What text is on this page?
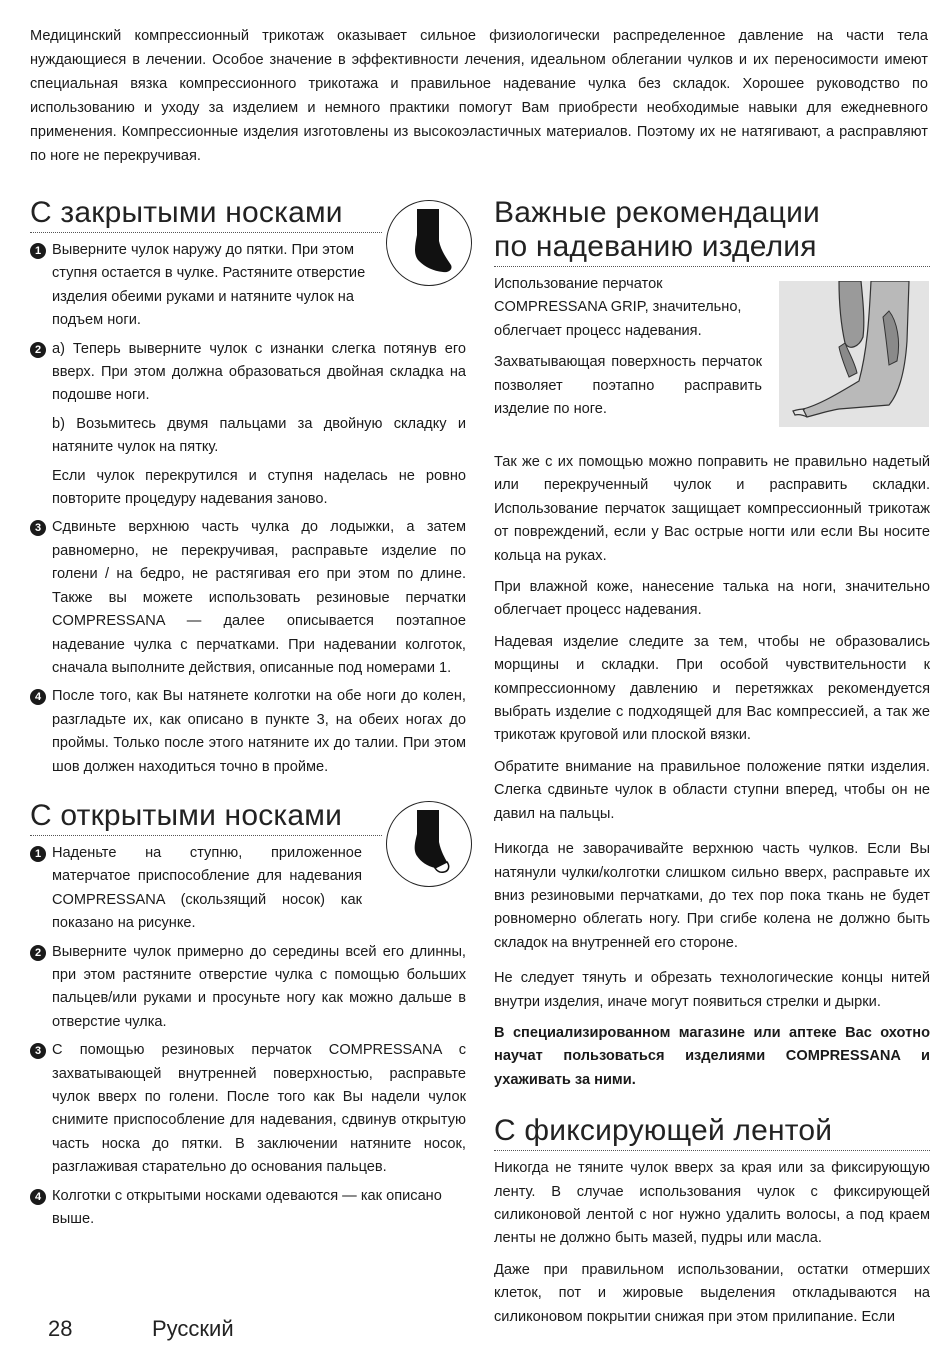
Медицинский компрессионный трикотаж оказывает сильное физиологически распределенное давление на части тела нуждающиеся в лечении. Особое значение в эффективности лечения, идеальном облегании чулков и их переносимости имеют специальная вязка компрессионного трикотажа и правильное надевание чулка без складок. Хорошее руководство по использованию и уходу за изделием и немного практики помогут Вам приобрести необходимые навыки для ежедневного применения. Компрессионные изделия изготовлены из высокоэластичных материалов. Поэтому их не натягивают, а расправляют по ноге не перекручивая.

С закрытыми носками
1 Выверните чулок наружу до пятки. При этом ступня остается в чулке. Растяните отверстие изделия обеими руками и натяните чулок на подъем ноги.

2 a) Теперь выверните чулок с изнанки слегка потянув его вверх. При этом должна образоваться двойная складка на подошве ноги.

b) Возьмитесь двумя пальцами за двойную складку и натяните чулок на пятку.

Если чулок перекрутился и ступня наделась не ровно повторите процедуру надевания заново.

3 Сдвиньте верхнюю часть чулка до лодыжки, а затем равномерно, не перекручивая, расправьте изделие по голени / на бедро, не растягивая его при этом по длине. Также вы можете использовать резиновые перчатки COMPRESSANA — далее описывается поэтапное надевание чулка с перчатками. При надевании колготок, сначала выполните действия, описанные под номерами 1.

4 После того, как Вы натянете колготки на обе ноги до колен, разгладьте их, как описано в пункте 3, на обеих ногах до проймы. Только после этого натяните их до талии. При этом шов должен находиться точно в пройме.

С открытыми носками
1 Наденьте на ступню, приложенное матерчатое приспособление для надевания COMPRESSANA (скользящий носок) как показано на рисунке.

2 Выверните чулок примерно до середины всей его длинны, при этом растяните отверстие чулка с помощью больших пальцев/или руками и просуньте ногу как можно дальше в отверстие чулка.

3 С помощью резиновых перчаток COMPRESSANA с захватывающей внутренней поверхностью, расправьте чулок вверх по голени. После того как Вы надели чулок снимите приспособление для надевания, сдвинув открытую часть носка до пятки. В заключении натяните носок, разглаживая старательно до основания пальцев.

4 Колготки с открытыми носками одеваются — как описано выше.

Важные рекомендации
по надеванию изделия

Использование перчаток COMPRESSANA GRIP, значительно, облегчает процесс надевания.

Захватывающая поверхность перчаток позволяет поэтапно расправить изделие по ноге.

Так же с их помощью можно поправить не правильно надетый или перекрученный чулок и расправить складки. Использование перчаток защищает компрессионный трикотаж от повреждений, если у Вас острые ногти или если Вы носите кольца на руках.

При влажной коже, нанесение талька на ноги, значительно облегчает процесс надевания.

Надевая изделие следите за тем, чтобы не образовались морщины и складки. При особой чувствительности к компрессионному давлению и перетяжках рекомендуется выбрать изделие с подходящей для Вас компрессией, а так же трикотаж круговой или плоской вязки.

Обратите внимание на правильное положение пятки изделия. Слегка сдвиньте чулок в области ступни вперед, чтобы он не давил на пальцы.

Никогда не заворачивайте верхнюю часть чулков. Если Вы натянули чулки/колготки слишком сильно вверх, расправьте их вниз резиновыми перчатками, до тех пор пока ткань не будет ровномерно облегать ногу. При сгибе колена не должно быть складок на внутренней его стороне.

Не следует тянуть и обрезать технологические концы нитей внутри изделия, иначе могут появиться стрелки и дырки.

В специализированном магазине или аптеке Вас охотно научат пользоваться изделиями COMPRESSANA и ухаживать за ними.

С фиксирующей лентой

Никогда не тяните чулок вверх за края или за фиксирующую ленту. В случае использования чулок с фиксирующей силиконовой лентой с ног нужно удалить волосы, а под краем ленты не должно быть мазей, пудры или масла.

Даже при правильном использовании, остатки отмерших клеток, пот и жировые выделения откладываются на силиконовом покрытии снижая при этом прилипание. Если

28	Русский
